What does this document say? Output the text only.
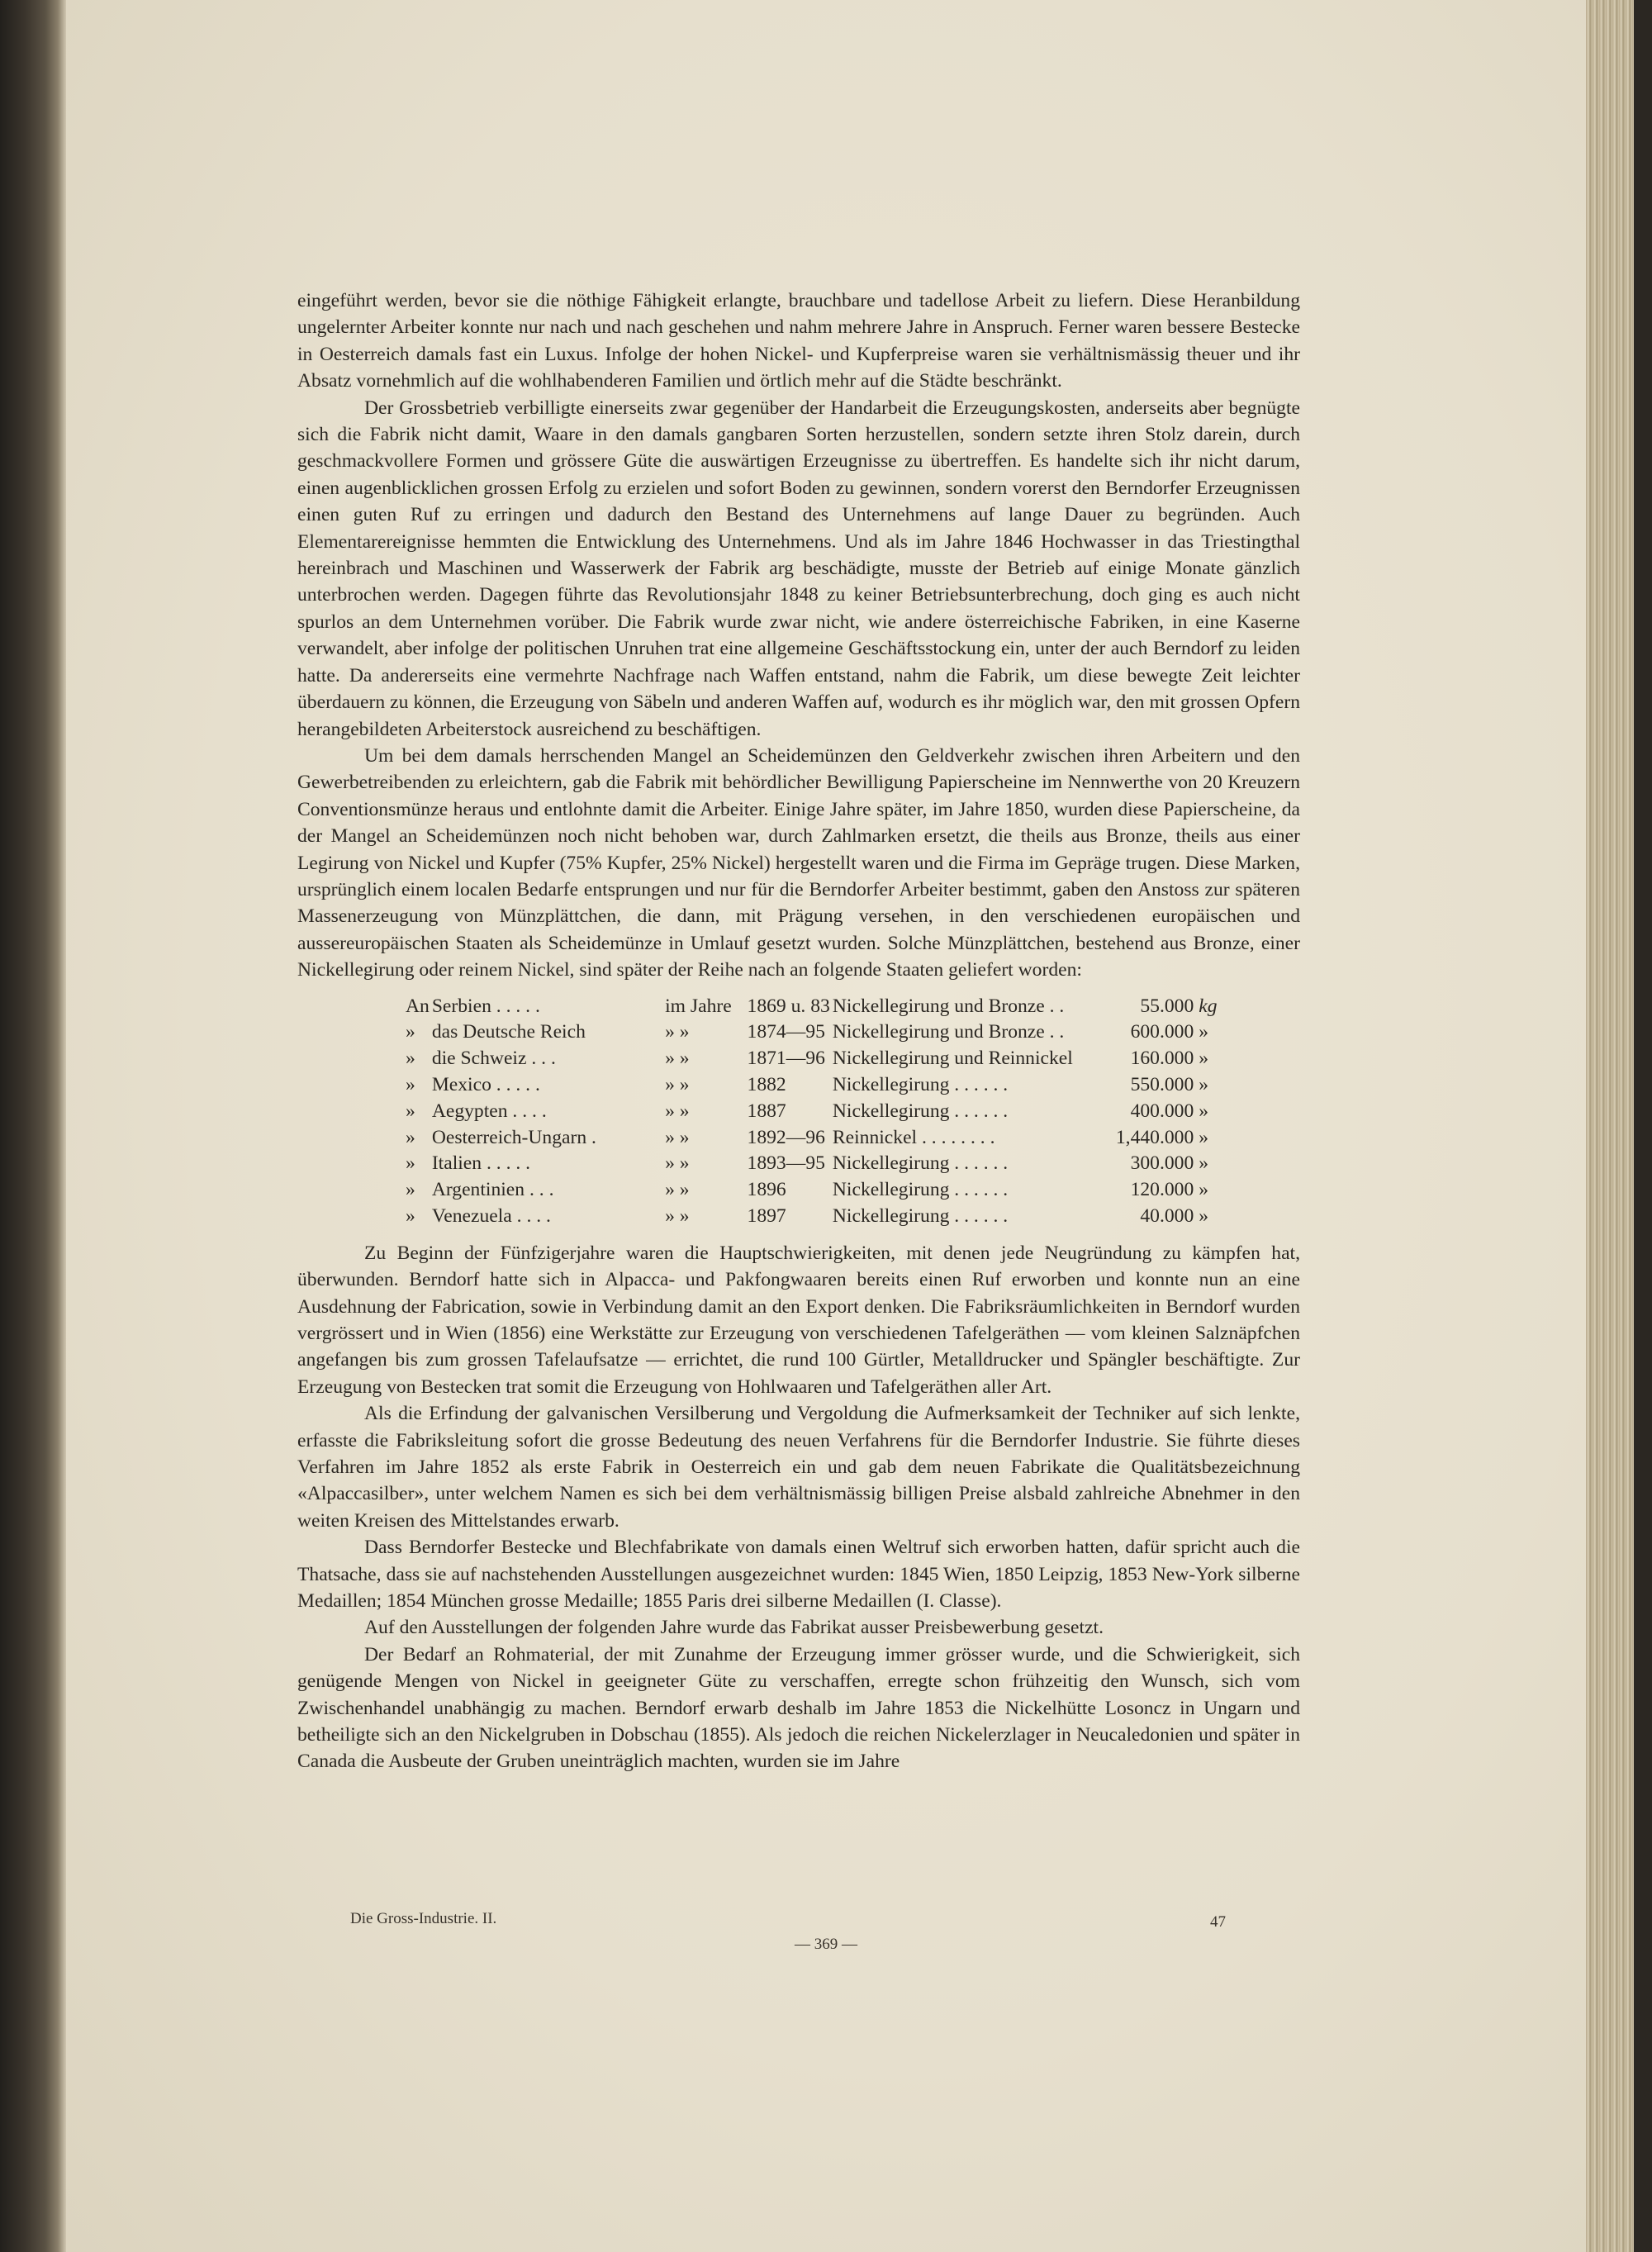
eingeführt werden, bevor sie die nöthige Fähigkeit erlangte, brauchbare und tadellose Arbeit zu liefern. Diese Heranbildung ungelernter Arbeiter konnte nur nach und nach geschehen und nahm mehrere Jahre in Anspruch. Ferner waren bessere Bestecke in Oesterreich damals fast ein Luxus. Infolge der hohen Nickel- und Kupferpreise waren sie verhältnismässig theuer und ihr Absatz vornehmlich auf die wohlhabenderen Familien und örtlich mehr auf die Städte beschränkt.

Der Grossbetrieb verbilligte einerseits zwar gegenüber der Handarbeit die Erzeugungskosten, anderseits aber begnügte sich die Fabrik nicht damit, Waare in den damals gangbaren Sorten herzustellen, sondern setzte ihren Stolz darein, durch geschmackvollere Formen und grössere Güte die auswärtigen Erzeugnisse zu übertreffen. Es handelte sich ihr nicht darum, einen augenblicklichen grossen Erfolg zu erzielen und sofort Boden zu gewinnen, sondern vorerst den Berndorfer Erzeugnissen einen guten Ruf zu erringen und dadurch den Bestand des Unternehmens auf lange Dauer zu begründen. Auch Elementarereignisse hemmten die Entwicklung des Unternehmens. Und als im Jahre 1846 Hochwasser in das Triestingthal hereinbrach und Maschinen und Wasserwerk der Fabrik arg beschädigte, musste der Betrieb auf einige Monate gänzlich unterbrochen werden. Dagegen führte das Revolutionsjahr 1848 zu keiner Betriebsunterbrechung, doch ging es auch nicht spurlos an dem Unternehmen vorüber. Die Fabrik wurde zwar nicht, wie andere österreichische Fabriken, in eine Kaserne verwandelt, aber infolge der politischen Unruhen trat eine allgemeine Geschäftsstockung ein, unter der auch Berndorf zu leiden hatte. Da andererseits eine vermehrte Nachfrage nach Waffen entstand, nahm die Fabrik, um diese bewegte Zeit leichter überdauern zu können, die Erzeugung von Säbeln und anderen Waffen auf, wodurch es ihr möglich war, den mit grossen Opfern herangebildeten Arbeiterstock ausreichend zu beschäftigen.

Um bei dem damals herrschenden Mangel an Scheidemünzen den Geldverkehr zwischen ihren Arbeitern und den Gewerbetreibenden zu erleichtern, gab die Fabrik mit behördlicher Bewilligung Papierscheine im Nennwerthe von 20 Kreuzern Conventionsmünze heraus und entlohnte damit die Arbeiter. Einige Jahre später, im Jahre 1850, wurden diese Papierscheine, da der Mangel an Scheidemünzen noch nicht behoben war, durch Zahlmarken ersetzt, die theils aus Bronze, theils aus einer Legirung von Nickel und Kupfer (75% Kupfer, 25% Nickel) hergestellt waren und die Firma im Gepräge trugen. Diese Marken, ursprünglich einem localen Bedarfe entsprungen und nur für die Berndorfer Arbeiter bestimmt, gaben den Anstoss zur späteren Massenerzeugung von Münzplättchen, die dann, mit Prägung versehen, in den verschiedenen europäischen und aussereuropäischen Staaten als Scheidemünze in Umlauf gesetzt wurden. Solche Münzplättchen, bestehend aus Bronze, einer Nickellegirung oder reinem Nickel, sind später der Reihe nach an folgende Staaten geliefert worden:

An Serbien . . . . .	im Jahre 1869 u. 83 Nickellegirung und Bronze . .	55.000 kg
» das Deutsche Reich	» »	1874—95 Nickellegirung und Bronze . .	600.000 »
» die Schweiz . . .	» »	1871—96 Nickellegirung und Reinnickel	160.000 »
» Mexico . . . . .	» »	1882	Nickellegirung . . . . . .	550.000 »
» Aegypten . . . .	» »	1887	Nickellegirung . . . . . .	400.000 »
» Oesterreich-Ungarn .	» »	1892—96 Reinnickel . . . . . . . .	1,440.000 »
» Italien . . . . .	» »	1893—95 Nickellegirung . . . . . .	300.000 »
» Argentinien . . .	» »	1896	Nickellegirung . . . . . .	120.000 »
» Venezuela . . . .	» »	1897	Nickellegirung . . . . . .	40.000 »

Zu Beginn der Fünfzigerjahre waren die Hauptschwierigkeiten, mit denen jede Neugründung zu kämpfen hat, überwunden. Berndorf hatte sich in Alpacca- und Pakfongwaaren bereits einen Ruf erworben und konnte nun an eine Ausdehnung der Fabrication, sowie in Verbindung damit an den Export denken. Die Fabriksräumlichkeiten in Berndorf wurden vergrössert und in Wien (1856) eine Werkstätte zur Erzeugung von verschiedenen Tafelgeräthen — vom kleinen Salznäpfchen angefangen bis zum grossen Tafelaufsatze — errichtet, die rund 100 Gürtler, Metalldrucker und Spängler beschäftigte. Zur Erzeugung von Bestecken trat somit die Erzeugung von Hohlwaaren und Tafelgeräthen aller Art.

Als die Erfindung der galvanischen Versilberung und Vergoldung die Aufmerksamkeit der Techniker auf sich lenkte, erfasste die Fabriksleitung sofort die grosse Bedeutung des neuen Verfahrens für die Berndorfer Industrie. Sie führte dieses Verfahren im Jahre 1852 als erste Fabrik in Oesterreich ein und gab dem neuen Fabrikate die Qualitätsbezeichnung «Alpaccasilber», unter welchem Namen es sich bei dem verhältnismässig billigen Preise alsbald zahlreiche Abnehmer in den weiten Kreisen des Mittelstandes erwarb.

Dass Berndorfer Bestecke und Blechfabrikate von damals einen Weltruf sich erworben hatten, dafür spricht auch die Thatsache, dass sie auf nachstehenden Ausstellungen ausgezeichnet wurden: 1845 Wien, 1850 Leipzig, 1853 New-York silberne Medaillen; 1854 München grosse Medaille; 1855 Paris drei silberne Medaillen (I. Classe).

Auf den Ausstellungen der folgenden Jahre wurde das Fabrikat ausser Preisbewerbung gesetzt.

Der Bedarf an Rohmaterial, der mit Zunahme der Erzeugung immer grösser wurde, und die Schwierigkeit, sich genügende Mengen von Nickel in geeigneter Güte zu verschaffen, erregte schon frühzeitig den Wunsch, sich vom Zwischenhandel unabhängig zu machen. Berndorf erwarb deshalb im Jahre 1853 die Nickelhütte Losoncz in Ungarn und betheiligte sich an den Nickelgruben in Dobschau (1855). Als jedoch die reichen Nickelerzlager in Neucaledonien und später in Canada die Ausbeute der Gruben uneinträglich machten, wurden sie im Jahre

Die Gross-Industrie. II.	47
— 369 —
